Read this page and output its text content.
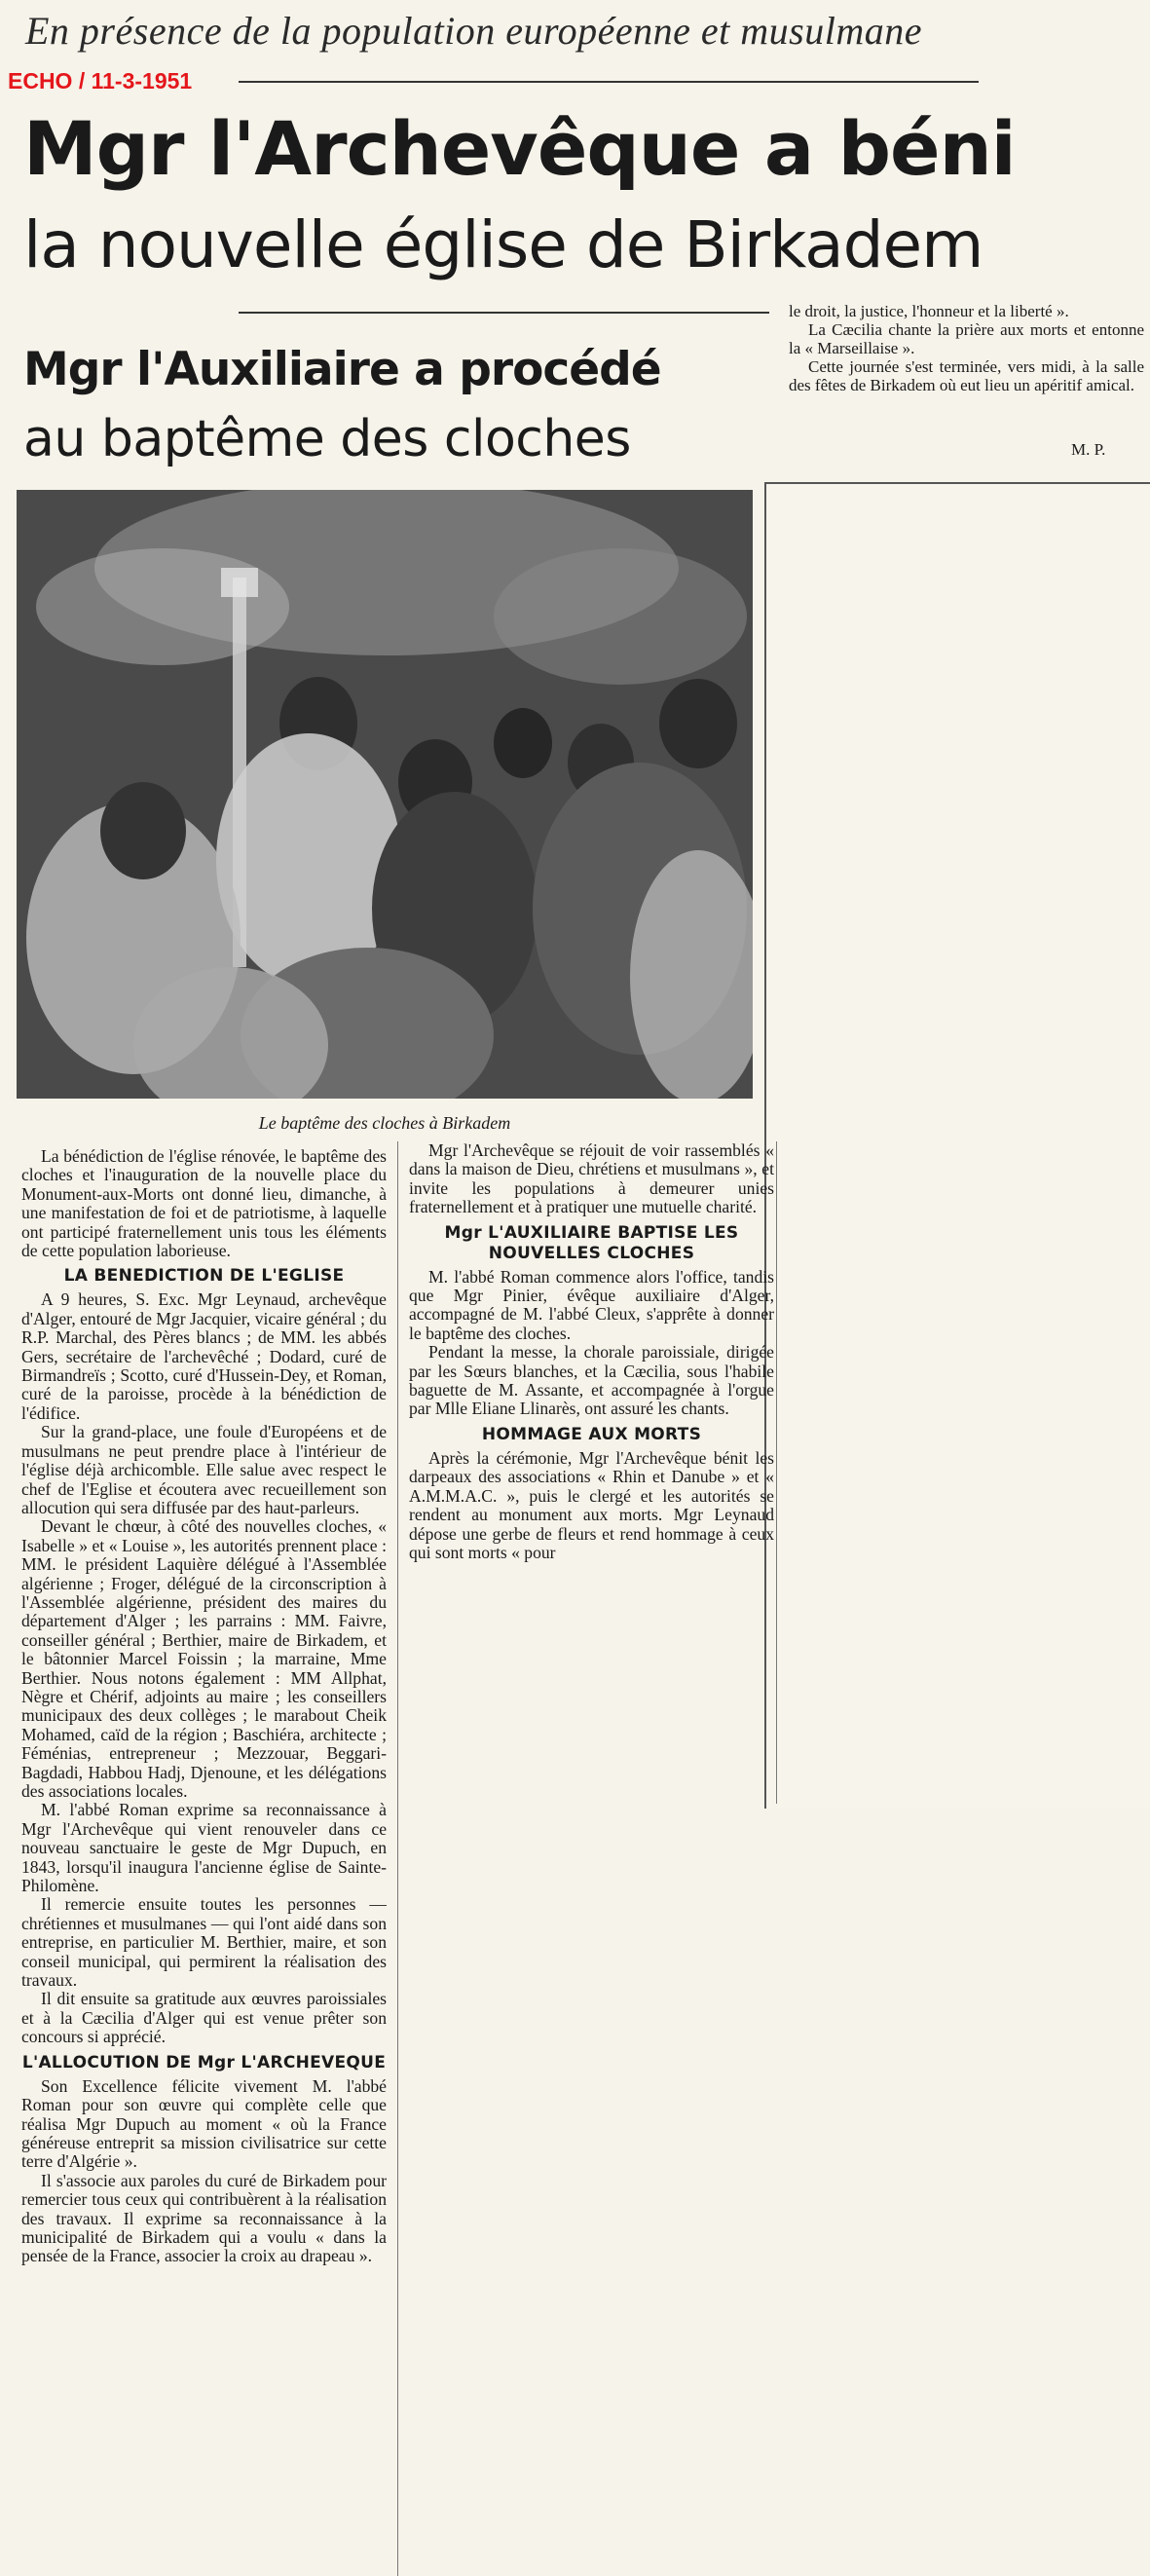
En présence de la population européenne et musulmane
ECHO / 11-3-1951
Mgr l'Archevêque a béni
la nouvelle église de Birkadem
Mgr l'Auxiliaire a procédé
au baptême des cloches

le droit, la justice, l'honneur et la liberté ».

La Cæcilia chante la prière aux morts et entonne la « Marseillaise ».

Cette journée s'est terminée, vers midi, à la salle des fêtes de Birkadem où eut lieu un apéritif amical.

M. P.
Le baptême des cloches à Birkadem

La bénédiction de l'église rénovée, le baptême des cloches et l'inauguration de la nouvelle place du Monument-aux-Morts ont donné lieu, dimanche, à une manifestation de foi et de patriotisme, à laquelle ont participé fraternellement unis tous les éléments de cette population laborieuse.

LA BENEDICTION DE L'EGLISE

A 9 heures, S. Exc. Mgr Leynaud, archevêque d'Alger, entouré de Mgr Jacquier, vicaire général ; du R.P. Marchal, des Pères blancs ; de MM. les abbés Gers, secrétaire de l'archevêché ; Dodard, curé de Birmandreïs ; Scotto, curé d'Hussein-Dey, et Roman, curé de la paroisse, procède à la bénédiction de l'édifice.

Sur la grand-place, une foule d'Européens et de musulmans ne peut prendre place à l'intérieur de l'église déjà archicomble. Elle salue avec respect le chef de l'Eglise et écoutera avec recueillement son allocution qui sera diffusée par des haut-parleurs.

Devant le chœur, à côté des nouvelles cloches, « Isabelle » et « Louise », les autorités prennent place : MM. le président Laquière délégué à l'Assemblée algérienne ; Froger, délégué de la circonscription à l'Assemblée algérienne, président des maires du département d'Alger ; les parrains : MM. Faivre, conseiller général ; Berthier, maire de Birkadem, et le bâtonnier Marcel Foissin ; la marraine, Mme Berthier. Nous notons également : MM Allphat, Nègre et Chérif, adjoints au maire ; les conseillers municipaux des deux collèges ; le marabout Cheik Mohamed, caïd de la région ; Baschiéra, architecte ; Féménias, entrepreneur ; Mezzouar, Beggari-Bagdadi, Habbou Hadj, Djenoune, et les délégations des associations locales.

M. l'abbé Roman exprime sa reconnaissance à Mgr l'Archevêque qui vient renouveler dans ce nouveau sanctuaire le geste de Mgr Dupuch, en 1843, lorsqu'il inaugura l'ancienne église de Sainte-Philomène.

Il remercie ensuite toutes les personnes — chrétiennes et musulmanes — qui l'ont aidé dans son entreprise, en particulier M. Berthier, maire, et son conseil municipal, qui permirent la réalisation des travaux.

Il dit ensuite sa gratitude aux œuvres paroissiales et à la Cæcilia d'Alger qui est venue prêter son concours si apprécié.

L'ALLOCUTION DE Mgr L'ARCHEVEQUE

Son Excellence félicite vivement M. l'abbé Roman pour son œuvre qui complète celle que réalisa Mgr Dupuch au moment « où la France généreuse entreprit sa mission civilisatrice sur cette terre d'Algérie ».

Il s'associe aux paroles du curé de Birkadem pour remercier tous ceux qui contribuèrent à la réalisation des travaux. Il exprime sa reconnaissance à la municipalité de Birkadem qui a voulu « dans la pensée de la France, associer la croix au drapeau ».

Mgr l'Archevêque se réjouit de voir rassemblés « dans la maison de Dieu, chrétiens et musulmans », et invite les populations à demeurer unies fraternellement et à pratiquer une mutuelle charité.

Mgr L'AUXILIAIRE BAPTISE LES NOUVELLES CLOCHES

M. l'abbé Roman commence alors l'office, tandis que Mgr Pinier, évêque auxiliaire d'Alger, accompagné de M. l'abbé Cleux, s'apprête à donner le baptême des cloches.

Pendant la messe, la chorale paroissiale, dirigée par les Sœurs blanches, et la Cæcilia, sous l'habile baguette de M. Assante, et accompagnée à l'orgue par Mlle Eliane Llinarès, ont assuré les chants.

HOMMAGE AUX MORTS

Après la cérémonie, Mgr l'Archevêque bénit les darpeaux des associations « Rhin et Danube » et « A.M.M.A.C. », puis le clergé et les autorités se rendent au monument aux morts. Mgr Leynaud dépose une gerbe de fleurs et rend hommage à ceux qui sont morts « pour
